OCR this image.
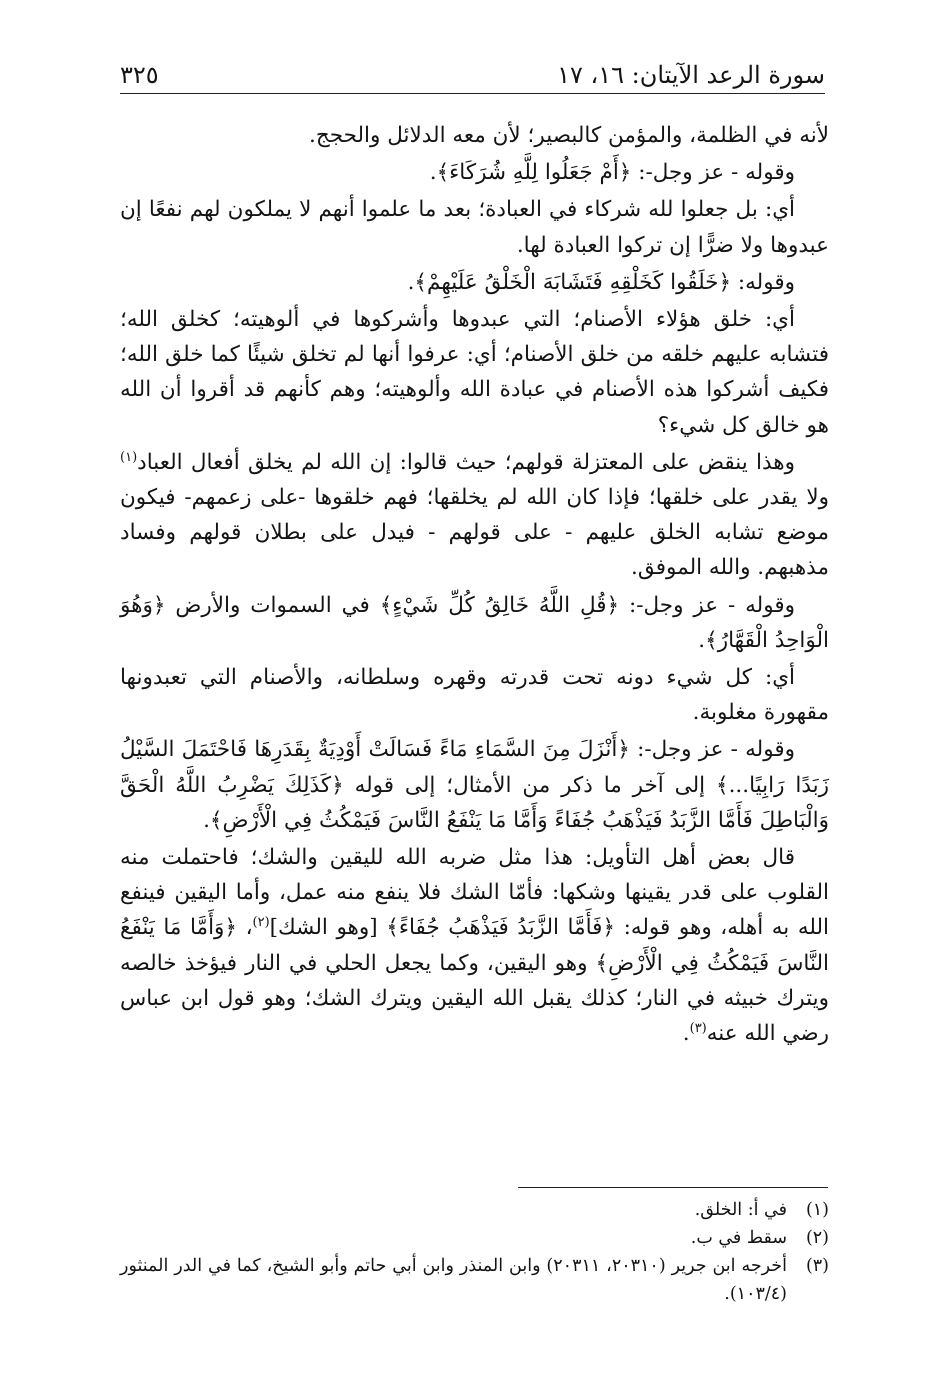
سورة الرعد الآيتان: ١٦، ١٧
٣٢٥

لأنه في الظلمة، والمؤمن كالبصير؛ لأن معه الدلائل والحجج.

وقوله - عز وجل-: ﴿أَمْ جَعَلُوا لِلَّهِ شُرَكَاءَ﴾.

أي: بل جعلوا لله شركاء في العبادة؛ بعد ما علموا أنهم لا يملكون لهم نفعًا إن عبدوها ولا ضرًّا إن تركوا العبادة لها.

وقوله: ﴿خَلَقُوا كَخَلْقِهِ فَتَشَابَهَ الْخَلْقُ عَلَيْهِمْ﴾.

أي: خلق هؤلاء الأصنام؛ التي عبدوها وأشركوها في ألوهيته؛ كخلق الله؛ فتشابه عليهم خلقه من خلق الأصنام؛ أي: عرفوا أنها لم تخلق شيئًا كما خلق الله؛ فكيف أشركوا هذه الأصنام في عبادة الله وألوهيته؛ وهم كأنهم قد أقروا أن الله هو خالق كل شيء؟

وهذا ينقض على المعتزلة قولهم؛ حيث قالوا: إن الله لم يخلق أفعال العباد$^{(١)}$ ولا يقدر على خلقها؛ فإذا كان الله لم يخلقها؛ فهم خلقوها -على زعمهم- فيكون موضع تشابه الخلق عليهم - على قولهم - فيدل على بطلان قولهم وفساد مذهبهم. والله الموفق.

وقوله - عز وجل-: ﴿قُلِ اللَّهُ خَالِقُ كُلِّ شَيْءٍ﴾ في السموات والأرض ﴿وَهُوَ الْوَاحِدُ الْقَهَّارُ﴾.

أي: كل شيء دونه تحت قدرته وقهره وسلطانه، والأصنام التي تعبدونها مقهورة مغلوبة.

وقوله - عز وجل-: ﴿أَنْزَلَ مِنَ السَّمَاءِ مَاءً فَسَالَتْ أَوْدِيَةٌ بِقَدَرِهَا فَاحْتَمَلَ السَّيْلُ زَبَدًا رَابِيًا...﴾ إلى آخر ما ذكر من الأمثال؛ إلى قوله ﴿كَذَلِكَ يَضْرِبُ اللَّهُ الْحَقَّ وَالْبَاطِلَ فَأَمَّا الزَّبَدُ فَيَذْهَبُ جُفَاءً وَأَمَّا مَا يَنْفَعُ النَّاسَ فَيَمْكُثُ فِي الْأَرْضِ﴾.

قال بعض أهل التأويل: هذا مثل ضربه الله لليقين والشك؛ فاحتملت منه القلوب على قدر يقينها وشكها: فأمّا الشك فلا ينفع منه عمل، وأما اليقين فينفع الله به أهله، وهو قوله: ﴿فَأَمَّا الزَّبَدُ فَيَذْهَبُ جُفَاءً﴾ [وهو الشك]$^{(٢)}$، ﴿وَأَمَّا مَا يَنْفَعُ النَّاسَ فَيَمْكُثُ فِي الْأَرْضِ﴾ وهو اليقين، وكما يجعل الحلي في النار فيؤخذ خالصه ويترك خبيثه في النار؛ كذلك يقبل الله اليقين ويترك الشك؛ وهو قول ابن عباس رضي الله عنه$^{(٣)}$.

(١)
في أ: الخلق.
(٢)
سقط في ب.
(٣)
أخرجه ابن جرير (٢٠٣١٠، ٢٠٣١١) وابن المنذر وابن أبي حاتم وأبو الشيخ، كما في الدر المنثور (١٠٣/٤).
